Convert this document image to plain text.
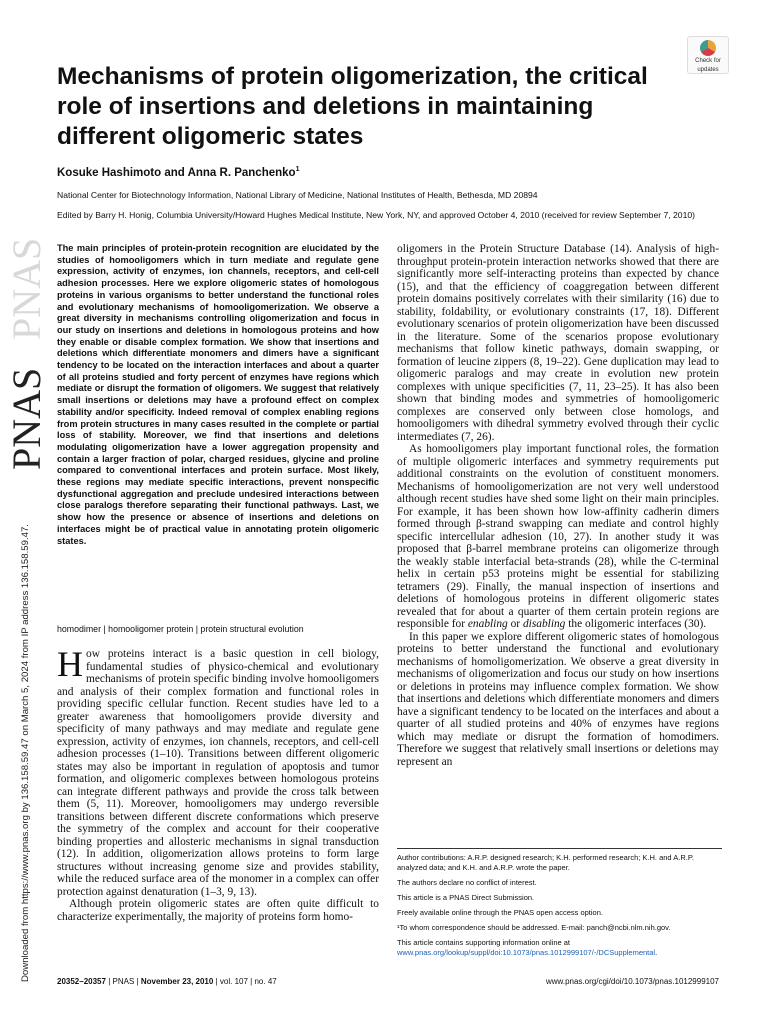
PNAS
PNAS
Downloaded from https://www.pnas.org by 136.158.59.47 on March 5, 2024 from IP address 136.158.59.47.
Check for
updates
Mechanisms of protein oligomerization, the critical role of insertions and deletions in maintaining different oligomeric states
Kosuke Hashimoto and Anna R. Panchenko$^1$
National Center for Biotechnology Information, National Library of Medicine, National Institutes of Health, Bethesda, MD 20894
Edited by Barry H. Honig, Columbia University/Howard Hughes Medical Institute, New York, NY, and approved October 4, 2010 (received for review September 7, 2010)

The main principles of protein-protein recognition are elucidated by the studies of homooligomers which in turn mediate and regulate gene expression, activity of enzymes, ion channels, receptors, and cell-cell adhesion processes. Here we explore oligomeric states of homologous proteins in various organisms to better understand the functional roles and evolutionary mechanisms of homooligomerization. We observe a great diversity in mechanisms controlling oligomerization and focus in our study on insertions and deletions in homologous proteins and how they enable or disable complex formation. We show that insertions and deletions which differentiate monomers and dimers have a significant tendency to be located on the interaction interfaces and about a quarter of all proteins studied and forty percent of enzymes have regions which mediate or disrupt the formation of oligomers. We suggest that relatively small insertions or deletions may have a profound effect on complex stability and/or specificity. Indeed removal of complex enabling regions from protein structures in many cases resulted in the complete or partial loss of stability. Moreover, we find that insertions and deletions modulating oligomerization have a lower aggregation propensity and contain a larger fraction of polar, charged residues, glycine and proline compared to conventional interfaces and protein surface. Most likely, these regions may mediate specific interactions, prevent nonspecific dysfunctional aggregation and preclude undesired interactions between close paralogs therefore separating their functional pathways. Last, we show how the presence or absence of insertions and deletions on interfaces might be of practical value in annotating protein oligomeric states.

homodimer | homooligomer protein | protein structural evolution

How proteins interact is a basic question in cell biology, fundamental studies of physico-chemical and evolutionary mechanisms of protein specific binding involve homooligomers and analysis of their complex formation and functional roles in providing specific cellular function. Recent studies have led to a greater awareness that homooligomers provide diversity and specificity of many pathways and may mediate and regulate gene expression, activity of enzymes, ion channels, receptors, and cell-cell adhesion processes (1–10). Transitions between different oligomeric states may also be important in regulation of apoptosis and tumor formation, and oligomeric complexes between homologous proteins can integrate different pathways and provide the cross talk between them (5, 11). Moreover, homooligomers may undergo reversible transitions between different discrete conformations which preserve the symmetry of the complex and account for their cooperative binding properties and allosteric mechanisms in signal transduction (12). In addition, oligomerization allows proteins to form large structures without increasing genome size and provides stability, while the reduced surface area of the monomer in a complex can offer protection against denaturation (1–3, 9, 13).

Although protein oligomeric states are often quite difficult to characterize experimentally, the majority of proteins form homo-

oligomers in the Protein Structure Database (14). Analysis of high-throughput protein-protein interaction networks showed that there are significantly more self-interacting proteins than expected by chance (15), and that the efficiency of coaggregation between different protein domains positively correlates with their similarity (16) due to stability, foldability, or evolutionary constraints (17, 18). Different evolutionary scenarios of protein oligomerization have been discussed in the literature. Some of the scenarios propose evolutionary mechanisms that follow kinetic pathways, domain swapping, or formation of leucine zippers (8, 19–22). Gene duplication may lead to oligomeric paralogs and may create in evolution new protein complexes with unique specificities (7, 11, 23–25). It has also been shown that binding modes and symmetries of homooligomeric complexes are conserved only between close homologs, and homooligomers with dihedral symmetry evolved through their cyclic intermediates (7, 26).

As homooligomers play important functional roles, the formation of multiple oligomeric interfaces and symmetry requirements put additional constraints on the evolution of constituent monomers. Mechanisms of homooligomerization are not very well understood although recent studies have shed some light on their main principles. For example, it has been shown how low-affinity cadherin dimers formed through β-strand swapping can mediate and control highly specific intercellular adhesion (10, 27). In another study it was proposed that β-barrel membrane proteins can oligomerize through the weakly stable interfacial beta-strands (28), while the C-terminal helix in certain p53 proteins might be essential for stabilizing tetramers (29). Finally, the manual inspection of insertions and deletions of homologous proteins in different oligomeric states revealed that for about a quarter of them certain protein regions are responsible for enabling or disabling the oligomeric interfaces (30).

In this paper we explore different oligomeric states of homologous proteins to better understand the functional and evolutionary mechanisms of homoligomerization. We observe a great diversity in mechanisms of oligomerization and focus our study on how insertions or deletions in proteins may influence complex formation. We show that insertions and deletions which differentiate monomers and dimers have a significant tendency to be located on the interfaces and about a quarter of all studied proteins and 40% of enzymes have regions which may mediate or disrupt the formation of homodimers. Therefore we suggest that relatively small insertions or deletions may represent an

Author contributions: A.R.P. designed research; K.H. performed research; K.H. and A.R.P. analyzed data; and K.H. and A.R.P. wrote the paper.

The authors declare no conflict of interest.

This article is a PNAS Direct Submission.

Freely available online through the PNAS open access option.

¹To whom correspondence should be addressed. E-mail: panch@ncbi.nlm.nih.gov.

This article contains supporting information online at www.pnas.org/lookup/suppl/doi:10.1073/pnas.1012999107/-/DCSupplemental.

20352–20357 | PNAS | November 23, 2010 | vol. 107 | no. 47	www.pnas.org/cgi/doi/10.1073/pnas.1012999107
